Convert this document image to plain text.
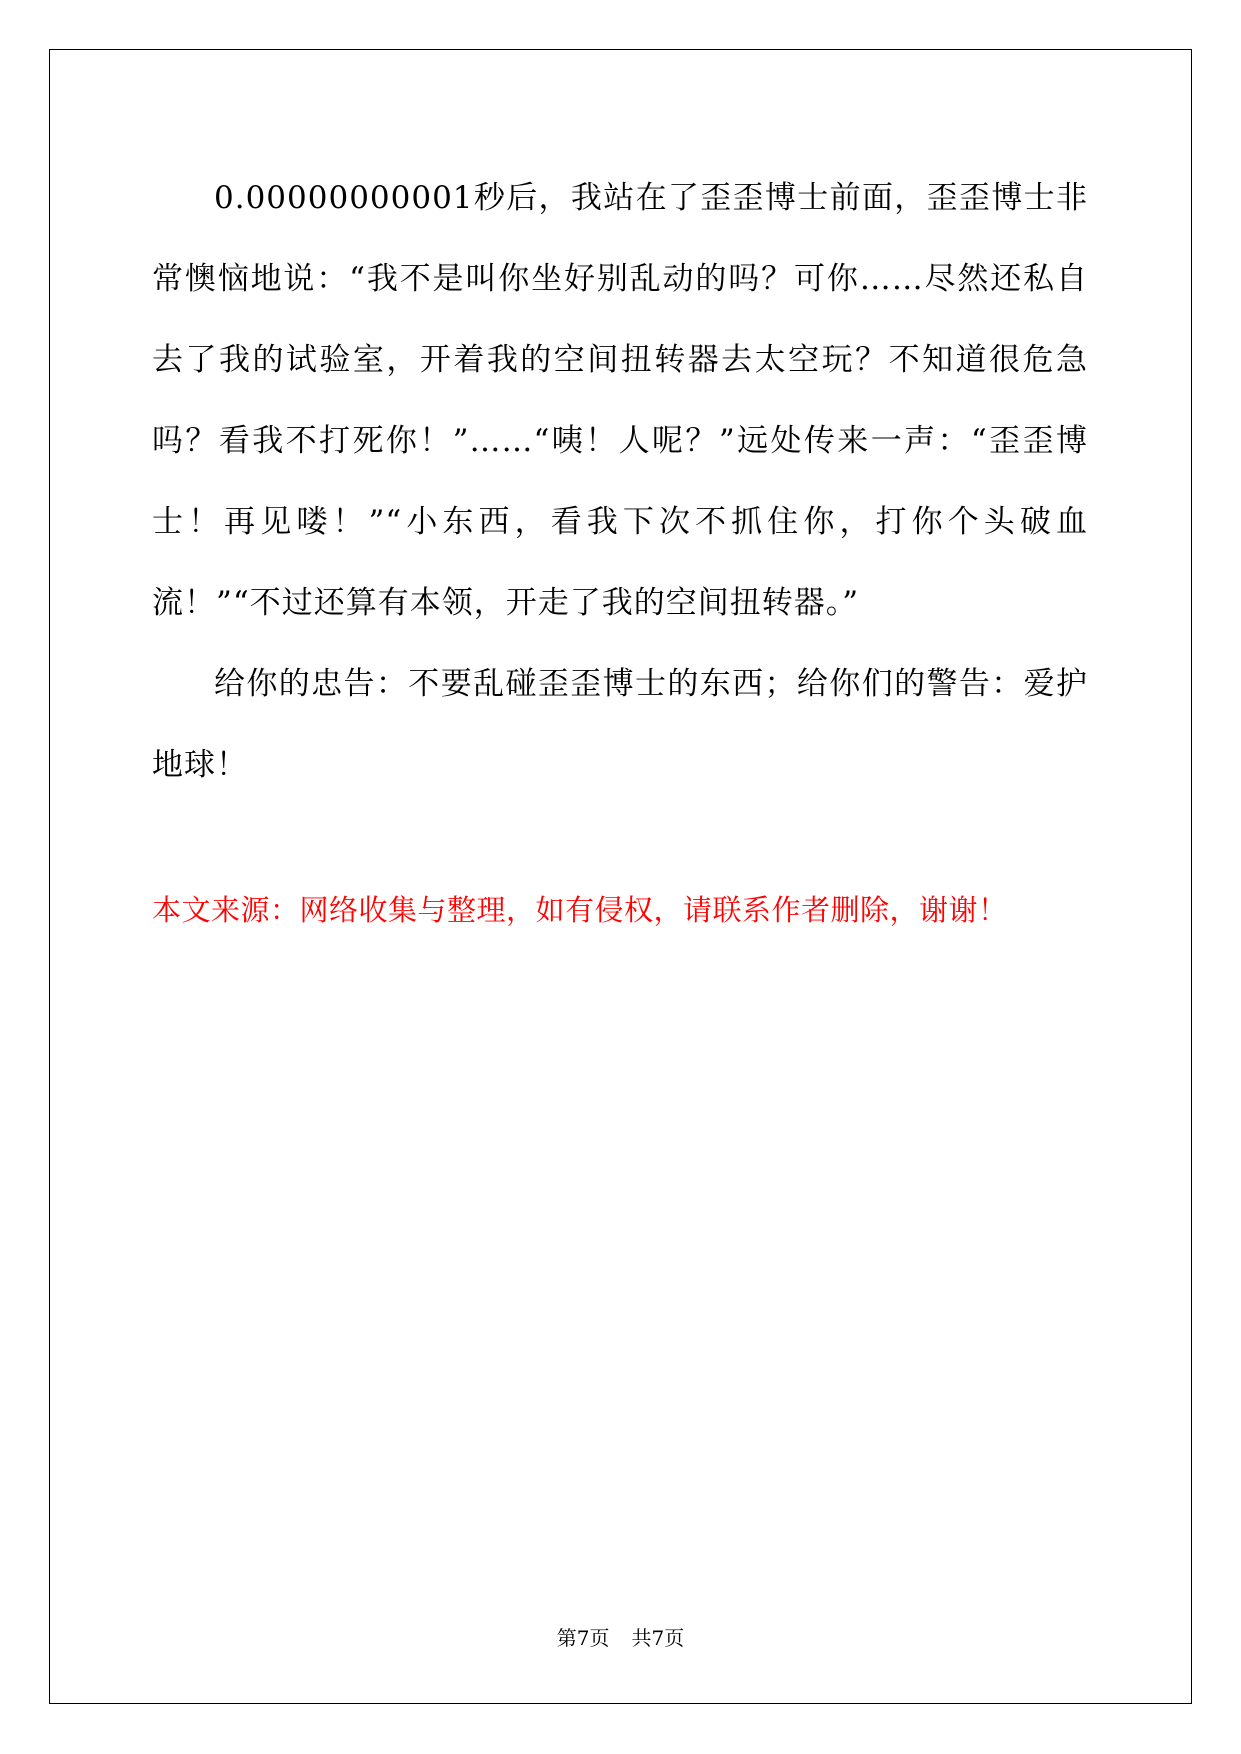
0.00000000001秒后，我站在了歪歪博士前面，歪歪博士非常懊恼地说：“我不是叫你坐好别乱动的吗？可你……尽然还私自去了我的试验室，开着我的空间扭转器去太空玩？不知道很危急吗？看我不打死你！”……“咦！人呢？”远处传来一声：“歪歪博士！再见喽！”“小东西，看我下次不抓住你，打你个头破血流！”“不过还算有本领，开走了我的空间扭转器。”

给你的忠告：不要乱碰歪歪博士的东西；给你们的警告：爱护地球！

本文来源：网络收集与整理，如有侵权，请联系作者删除，谢谢！

第7页 共7页
